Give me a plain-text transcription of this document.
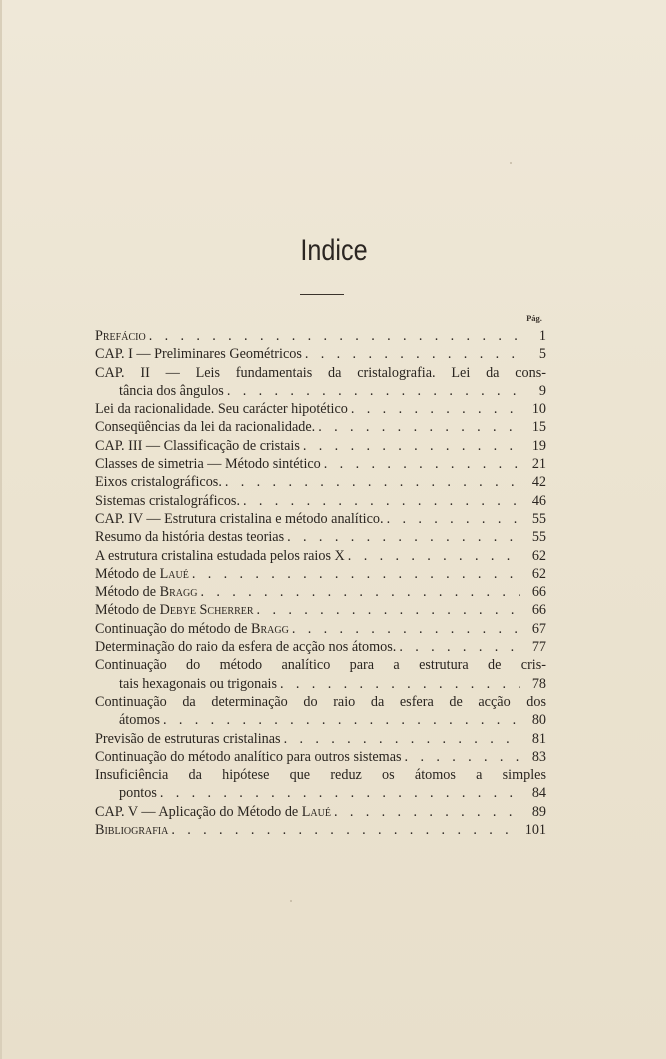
Indice
Pág.
Prefácio . . .	1
CAP. I — Preliminares Geométricos . . .	5
CAP. II — Leis fundamentais da cristalografia. Lei da cons-
tância dos ângulos . . .	9
Lei da racionalidade. Seu carácter hipotético . . .	10
Conseqüências da lei da racionalidade. . . .	15
CAP. III — Classificação de cristais . . .	19
Classes de simetria — Método sintético . . .	21
Eixos cristalográficos. . . .	42
Sistemas cristalográficos. . . .	46
CAP. IV — Estrutura cristalina e método analítico. . . .	55
Resumo da história destas teorias . . .	55
A estrutura cristalina estudada pelos raios X . . .	62
Método de Laué . . .	62
Método de Bragg . . .	66
Método de Debye Scherrer . . .	66
Continuação do método de Bragg . . .	67
Determinação do raio da esfera de acção nos átomos. . . .	77
Continuação do método analítico para a estrutura de cris-
tais hexagonais ou trigonais . . .	78
Continuação da determinação do raio da esfera de acção dos
átomos . . .	80
Previsão de estruturas cristalinas . . .	81
Continuação do método analítico para outros sistemas . . .	83
Insuficiência da hipótese que reduz os átomos a simples
pontos . . .	84
CAP. V — Aplicação do Método de Laué . . .	89
Bibliografia . . .	101
